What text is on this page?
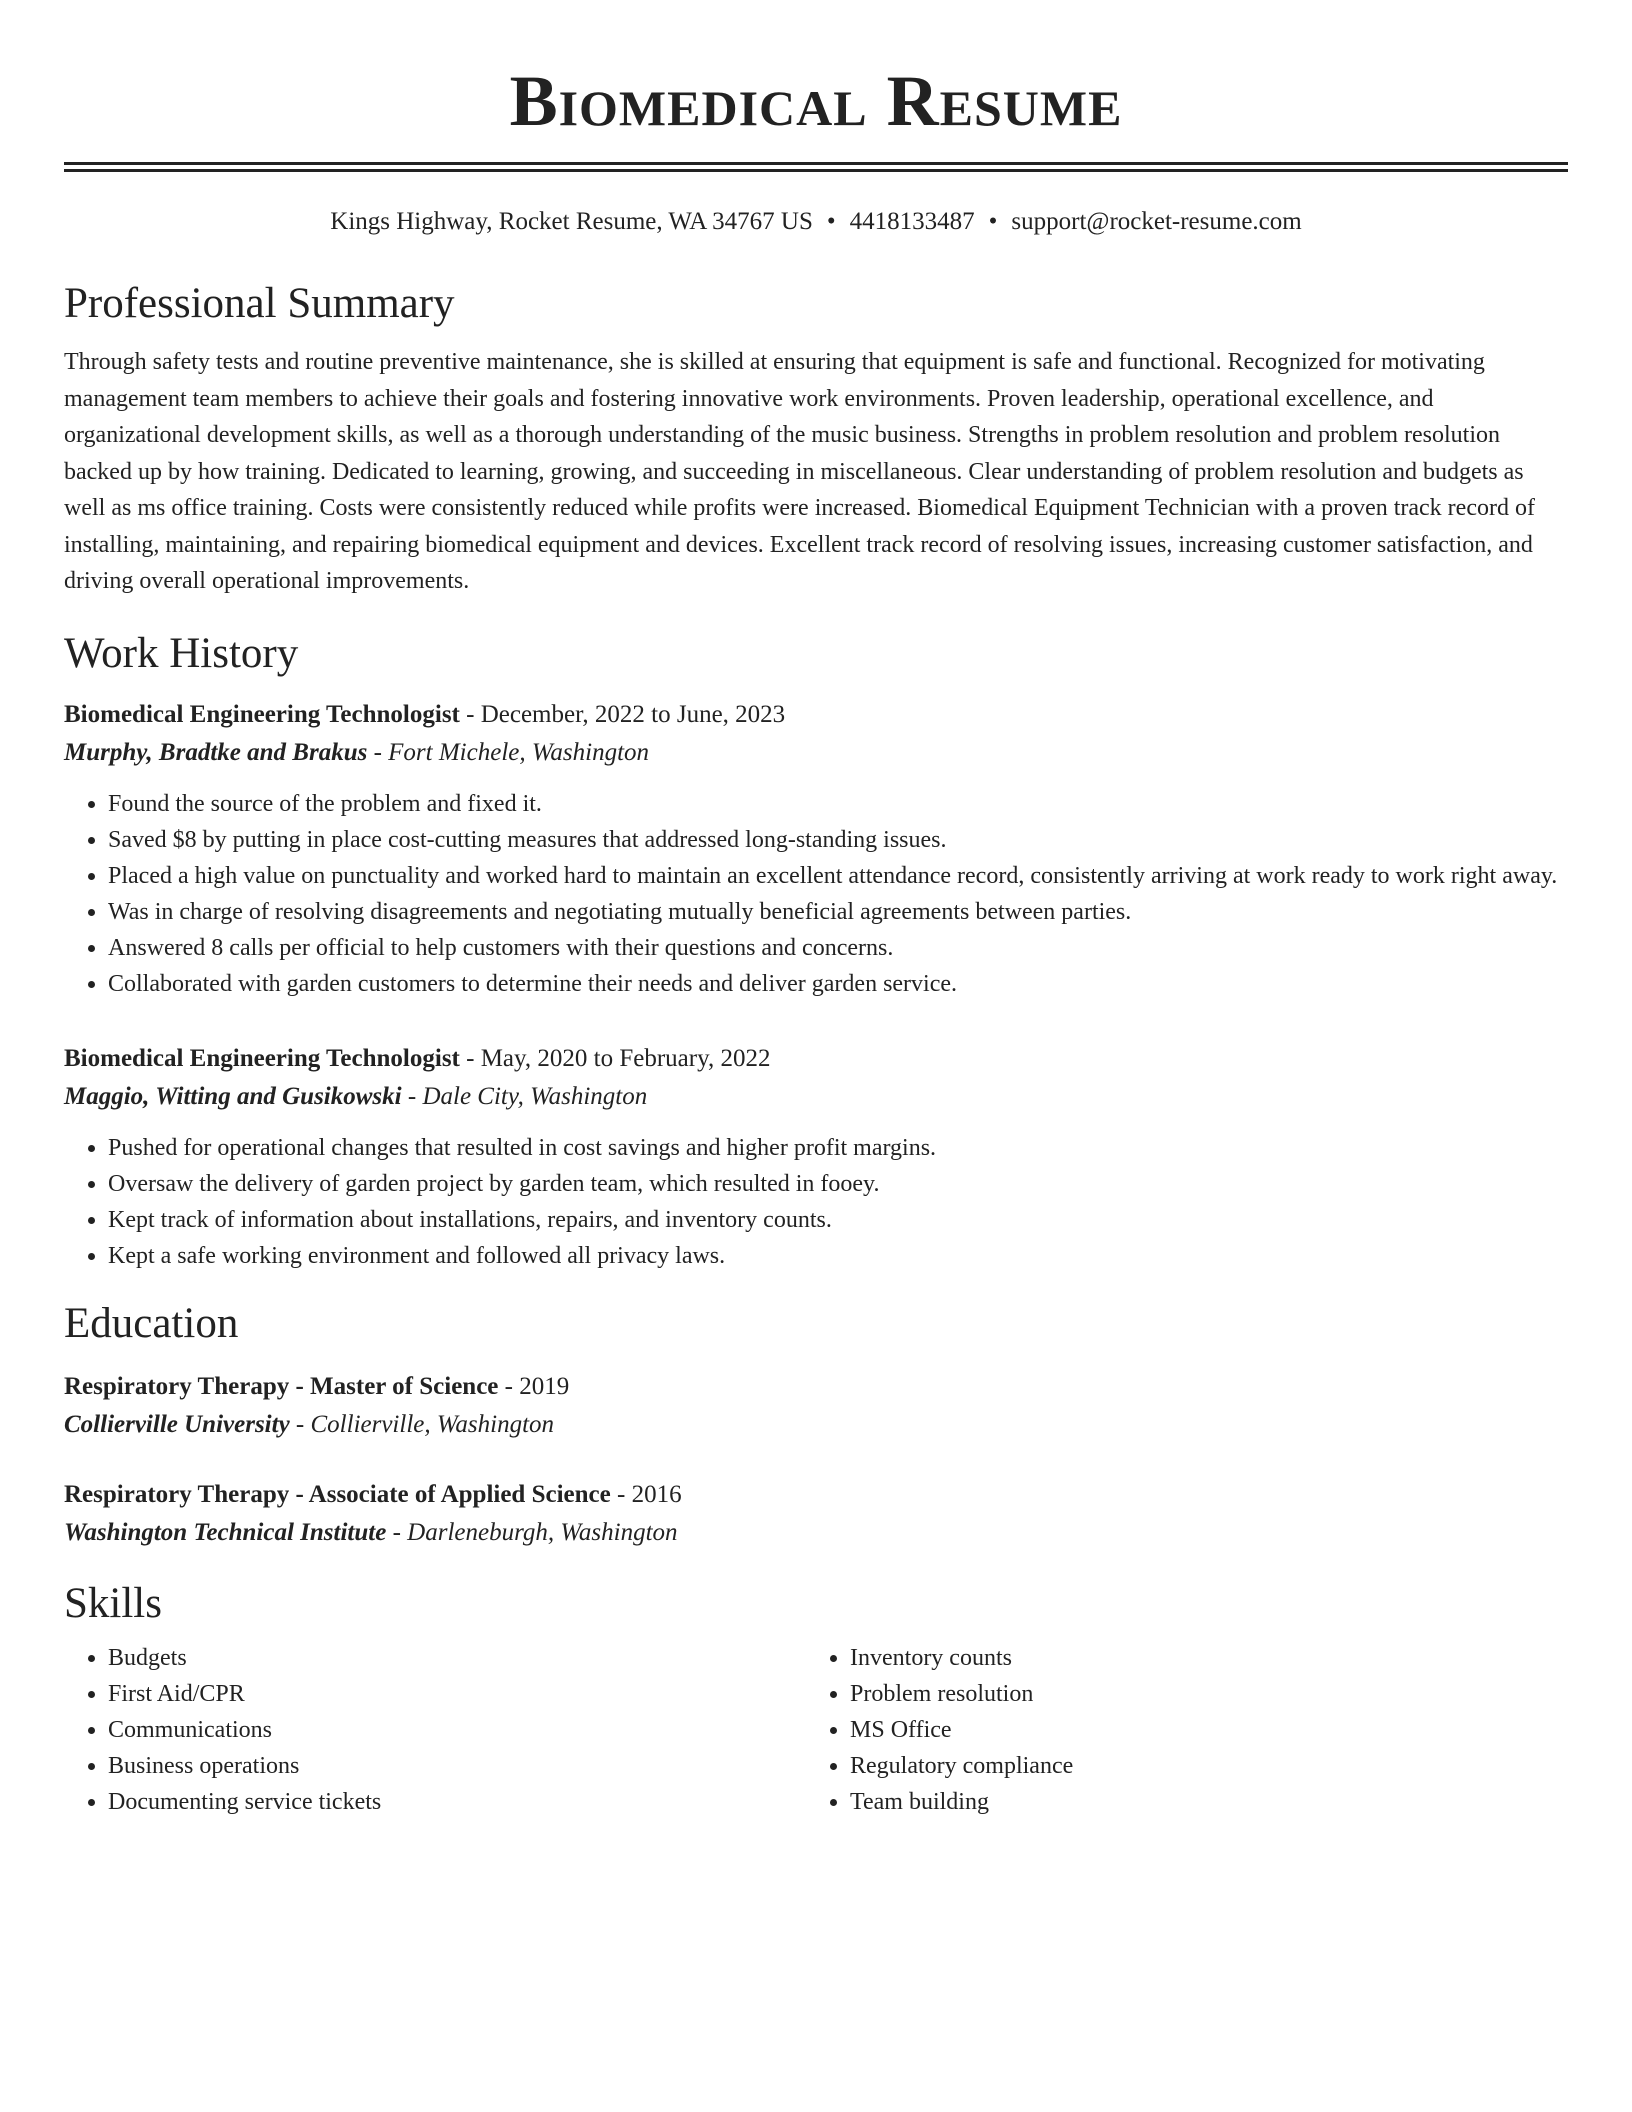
Biomedical Resume
Kings Highway, Rocket Resume, WA 34767 US • 4418133487 • support@rocket-resume.com
Professional Summary

Through safety tests and routine preventive maintenance, she is skilled at ensuring that equipment is safe and functional. Recognized for motivating management team members to achieve their goals and fostering innovative work environments. Proven leadership, operational excellence, and organizational development skills, as well as a thorough understanding of the music business. Strengths in problem resolution and problem resolution backed up by how training. Dedicated to learning, growing, and succeeding in miscellaneous. Clear understanding of problem resolution and budgets as well as ms office training. Costs were consistently reduced while profits were increased. Biomedical Equipment Technician with a proven track record of installing, maintaining, and repairing biomedical equipment and devices. Excellent track record of resolving issues, increasing customer satisfaction, and driving overall operational improvements.

Work History
Biomedical Engineering Technologist - December, 2022 to June, 2023
Murphy, Bradtke and Brakus - Fort Michele, Washington
• Found the source of the problem and fixed it.
• Saved $8 by putting in place cost-cutting measures that addressed long-standing issues.
• Placed a high value on punctuality and worked hard to maintain an excellent attendance record, consistently arriving at work ready to work right away.
• Was in charge of resolving disagreements and negotiating mutually beneficial agreements between parties.
• Answered 8 calls per official to help customers with their questions and concerns.
• Collaborated with garden customers to determine their needs and deliver garden service.
Biomedical Engineering Technologist - May, 2020 to February, 2022
Maggio, Witting and Gusikowski - Dale City, Washington
• Pushed for operational changes that resulted in cost savings and higher profit margins.
• Oversaw the delivery of garden project by garden team, which resulted in fooey.
• Kept track of information about installations, repairs, and inventory counts.
• Kept a safe working environment and followed all privacy laws.
Education
Respiratory Therapy - Master of Science - 2019
Collierville University - Collierville, Washington
Respiratory Therapy - Associate of Applied Science - 2016
Washington Technical Institute - Darleneburgh, Washington
Skills
• Budgets
• First Aid/CPR
• Communications
• Business operations
• Documenting service tickets
• Inventory counts
• Problem resolution
• MS Office
• Regulatory compliance
• Team building
